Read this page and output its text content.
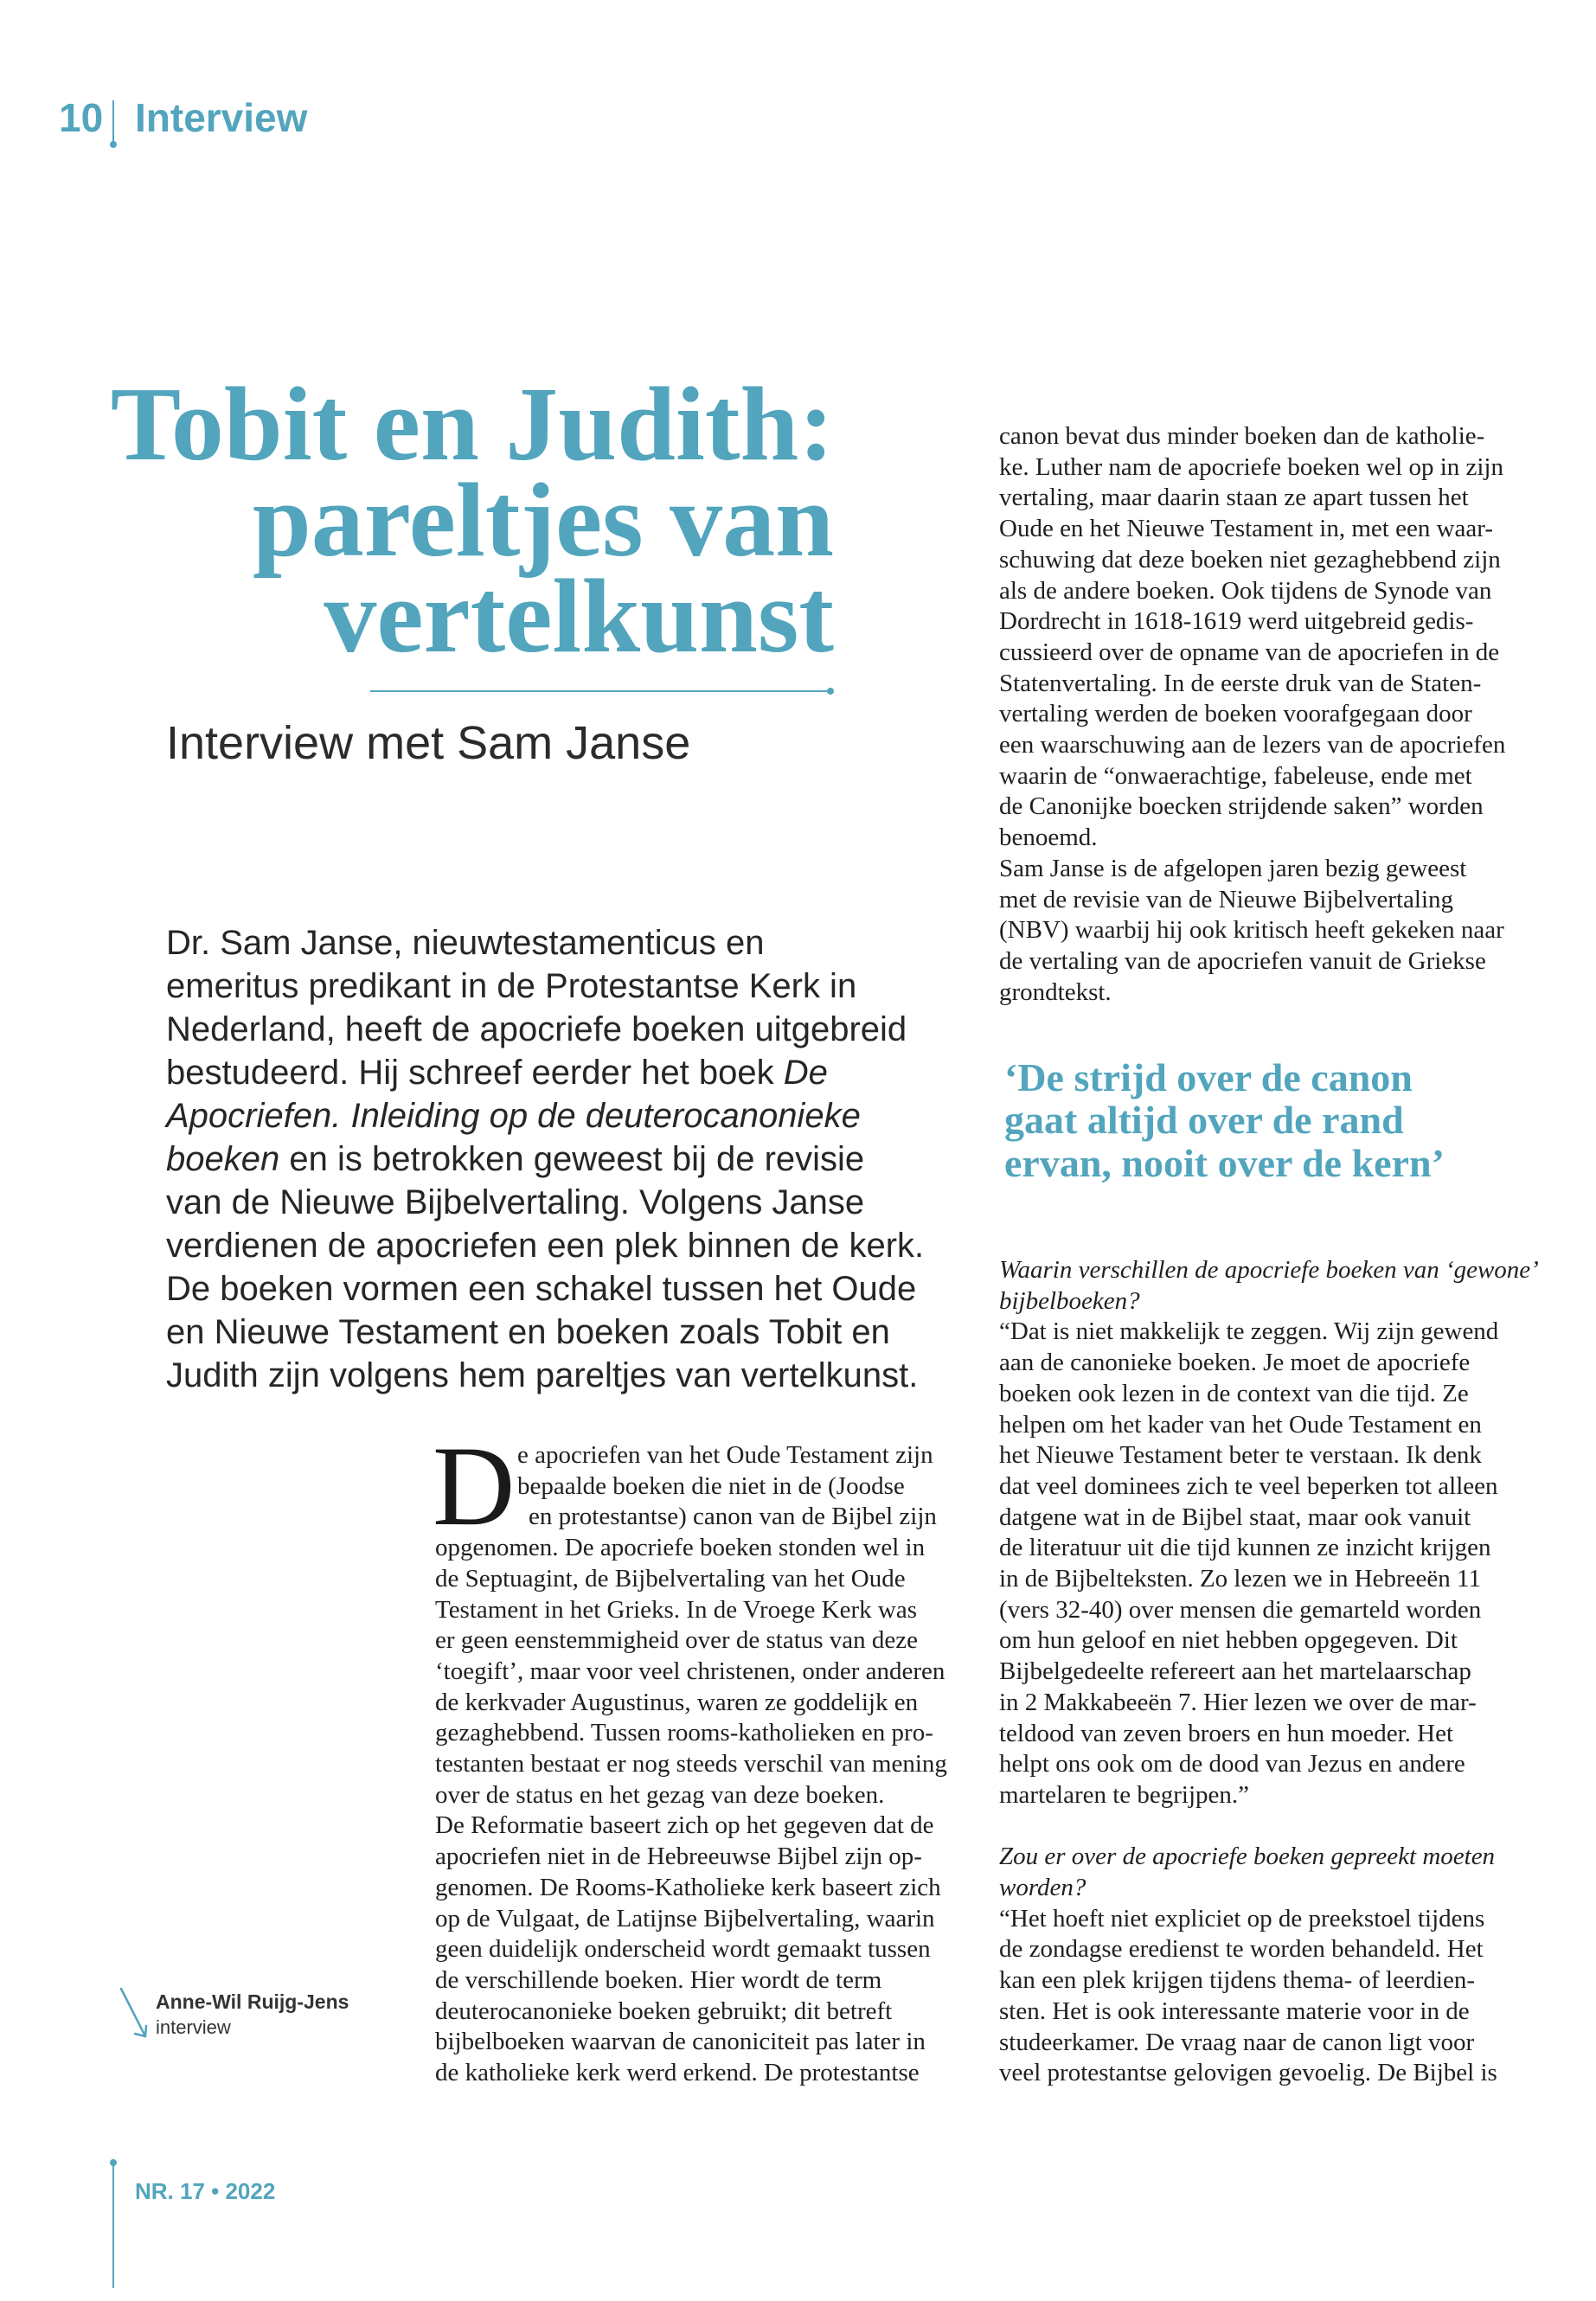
10 Interview
Tobit en Judith:
pareltjes van
vertelkunst
Interview met Sam Janse
Dr. Sam Janse, nieuwtestamenticus en
emeritus predikant in de Protestantse Kerk in
Nederland, heeft de apocriefe boeken uitgebreid
bestudeerd. Hij schreef eerder het boek De
Apocriefen. Inleiding op de deuterocanonieke
boeken en is betrokken geweest bij de revisie
van de Nieuwe Bijbelvertaling. Volgens Janse
verdienen de apocriefen een plek binnen de kerk.
De boeken vormen een schakel tussen het Oude
en Nieuwe Testament en boeken zoals Tobit en
Judith zijn volgens hem pareltjes van vertelkunst.
D e apocriefen van het Oude Testament zijn
bepaalde boeken die niet in de (Joodse
en protestantse) canon van de Bijbel zijn
opgenomen. De apocriefe boeken stonden wel in
de Septuagint, de Bijbelvertaling van het Oude
Testament in het Grieks. In de Vroege Kerk was
er geen eenstemmigheid over de status van deze
‘toegift’, maar voor veel christenen, onder anderen
de kerkvader Augustinus, waren ze goddelijk en
gezaghebbend. Tussen rooms-katholieken en pro-
testanten bestaat er nog steeds verschil van mening
over de status en het gezag van deze boeken.
De Reformatie baseert zich op het gegeven dat de
apocriefen niet in de Hebreeuwse Bijbel zijn op-
genomen. De Rooms-Katholieke kerk baseert zich
op de Vulgaat, de Latijnse Bijbelvertaling, waarin
geen duidelijk onderscheid wordt gemaakt tussen
de verschillende boeken. Hier wordt de term
deuterocanonieke boeken gebruikt; dit betreft
bijbelboeken waarvan de canoniciteit pas later in
de katholieke kerk werd erkend. De protestantse
canon bevat dus minder boeken dan de katholie-
ke. Luther nam de apocriefe boeken wel op in zijn
vertaling, maar daarin staan ze apart tussen het
Oude en het Nieuwe Testament in, met een waar-
schuwing dat deze boeken niet gezaghebbend zijn
als de andere boeken. Ook tijdens de Synode van
Dordrecht in 1618-1619 werd uitgebreid gedis-
cussieerd over de opname van de apocriefen in de
Statenvertaling. In de eerste druk van de Staten-
vertaling werden de boeken voorafgegaan door
een waarschuwing aan de lezers van de apocriefen
waarin de “onwaerachtige, fabeleuse, ende met
de Canonijke boecken strijdende saken” worden
benoemd.
Sam Janse is de afgelopen jaren bezig geweest
met de revisie van de Nieuwe Bijbelvertaling
(NBV) waarbij hij ook kritisch heeft gekeken naar
de vertaling van de apocriefen vanuit de Griekse
grondtekst.
‘De strijd over de canon
gaat altijd over de rand
ervan, nooit over de kern’
Waarin verschillen de apocriefe boeken van ‘gewone’
bijbelboeken?
“Dat is niet makkelijk te zeggen. Wij zijn gewend
aan de canonieke boeken. Je moet de apocriefe
boeken ook lezen in de context van die tijd. Ze
helpen om het kader van het Oude Testament en
het Nieuwe Testament beter te verstaan. Ik denk
dat veel dominees zich te veel beperken tot alleen
datgene wat in de Bijbel staat, maar ook vanuit
de literatuur uit die tijd kunnen ze inzicht krijgen
in de Bijbelteksten. Zo lezen we in Hebreeën 11
(vers 32-40) over mensen die gemarteld worden
om hun geloof en niet hebben opgegeven. Dit
Bijbelgedeelte refereert aan het martelaarschap
in 2 Makkabeeën 7. Hier lezen we over de mar-
teldood van zeven broers en hun moeder. Het
helpt ons ook om de dood van Jezus en andere
martelaren te begrijpen.”
Zou er over de apocriefe boeken gepreekt moeten
worden?
“Het hoeft niet expliciet op de preekstoel tijdens
de zondagse eredienst te worden behandeld. Het
kan een plek krijgen tijdens thema- of leerdien-
sten. Het is ook interessante materie voor in de
studeerkamer. De vraag naar de canon ligt voor
veel protestantse gelovigen gevoelig. De Bijbel is
Anne-Wil Ruijg-Jens
interview
NR. 17 • 2022
